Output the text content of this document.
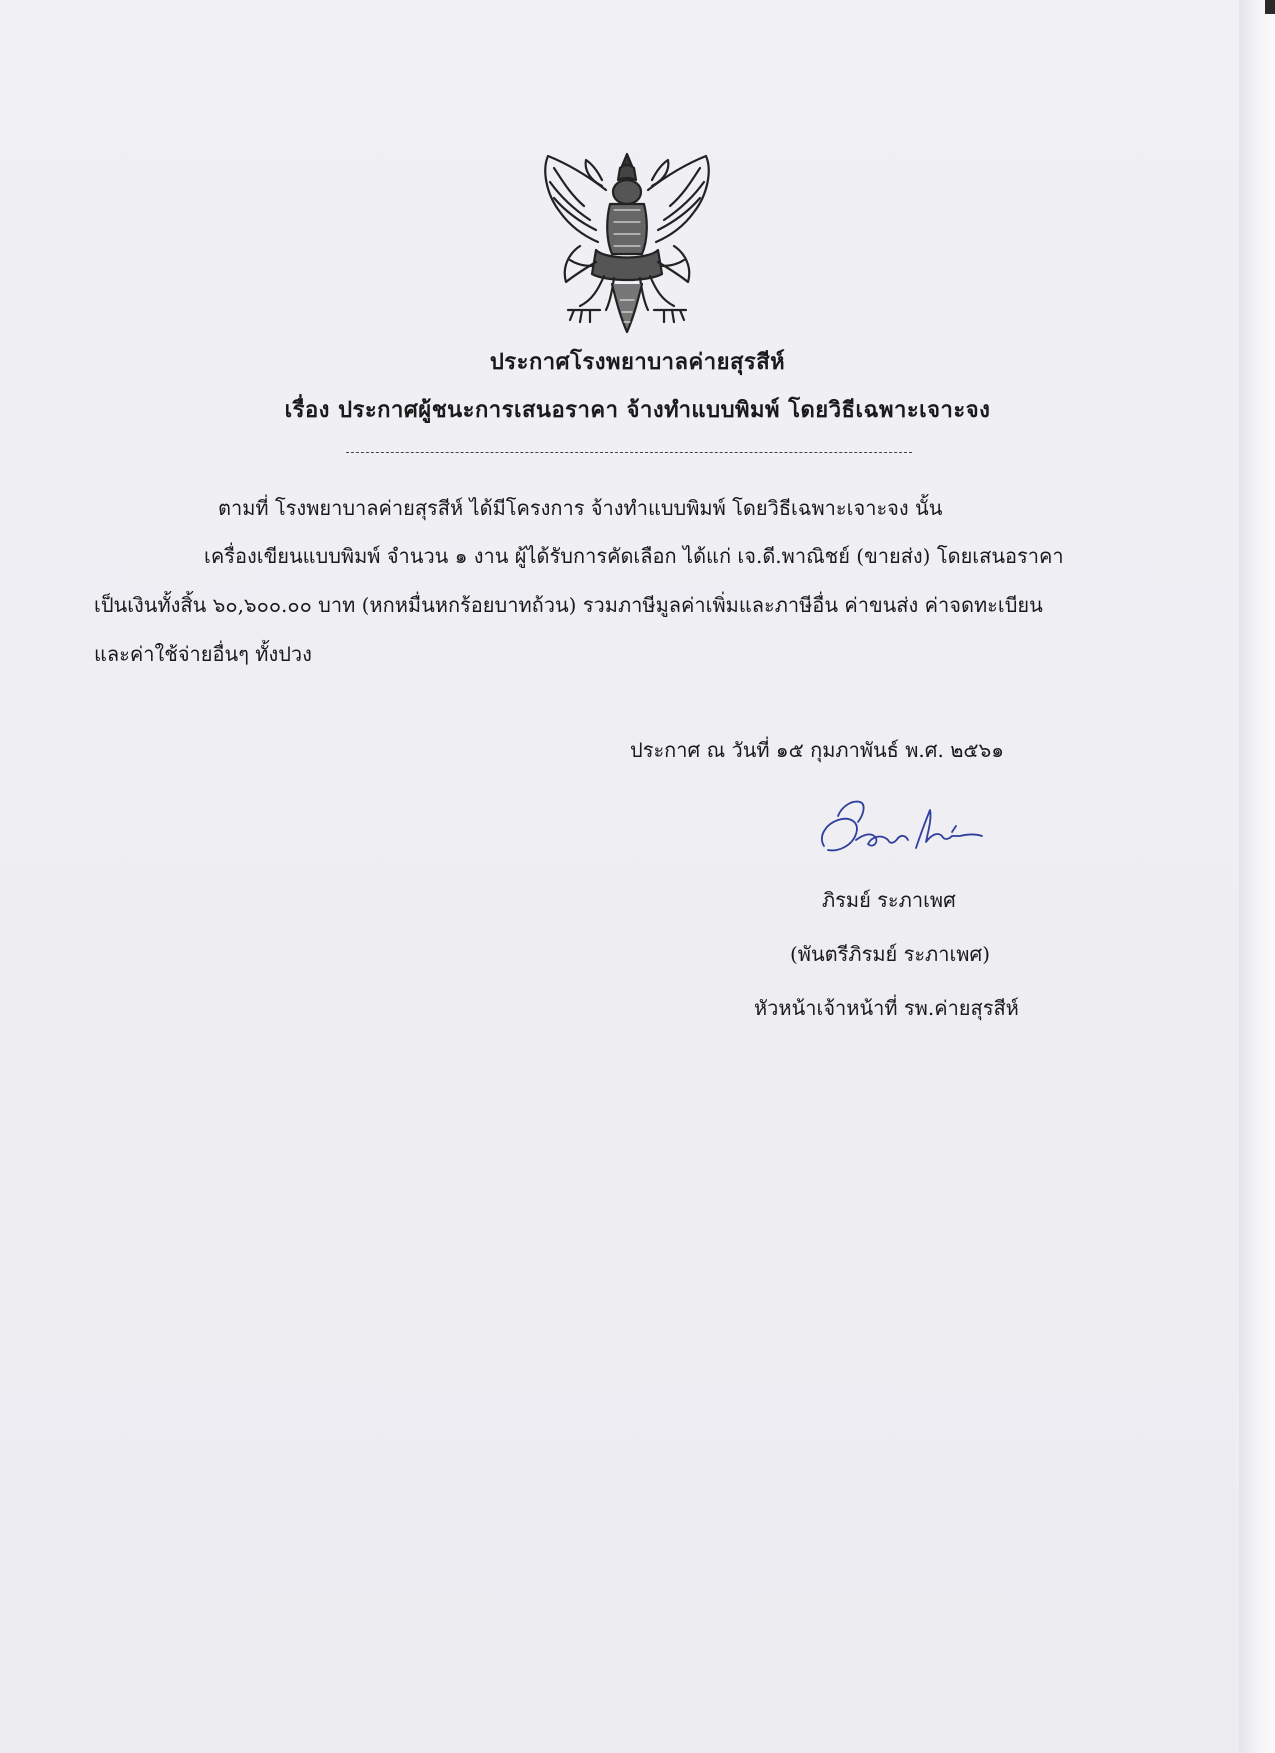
ประกาศโรงพยาบาลค่ายสุรสีห์
เรื่อง ประกาศผู้ชนะการเสนอราคา จ้างทำแบบพิมพ์ โดยวิธีเฉพาะเจาะจง
ตามที่ โรงพยาบาลค่ายสุรสีห์ ได้มีโครงการ จ้างทำแบบพิมพ์ โดยวิธีเฉพาะเจาะจง นั้น
เครื่องเขียนแบบพิมพ์ จำนวน ๑ งาน ผู้ได้รับการคัดเลือก ได้แก่ เจ.ดี.พาณิชย์ (ขายส่ง) โดยเสนอราคา
เป็นเงินทั้งสิ้น ๖๐,๖๐๐.๐๐ บาท (หกหมื่นหกร้อยบาทถ้วน) รวมภาษีมูลค่าเพิ่มและภาษีอื่น ค่าขนส่ง ค่าจดทะเบียน
และค่าใช้จ่ายอื่นๆ ทั้งปวง
ประกาศ ณ วันที่ ๑๕ กุมภาพันธ์ พ.ศ. ๒๕๖๑
ภิรมย์ ระภาเพศ
(พันตรีภิรมย์ ระภาเพศ)
หัวหน้าเจ้าหน้าที่ รพ.ค่ายสุรสีห์
